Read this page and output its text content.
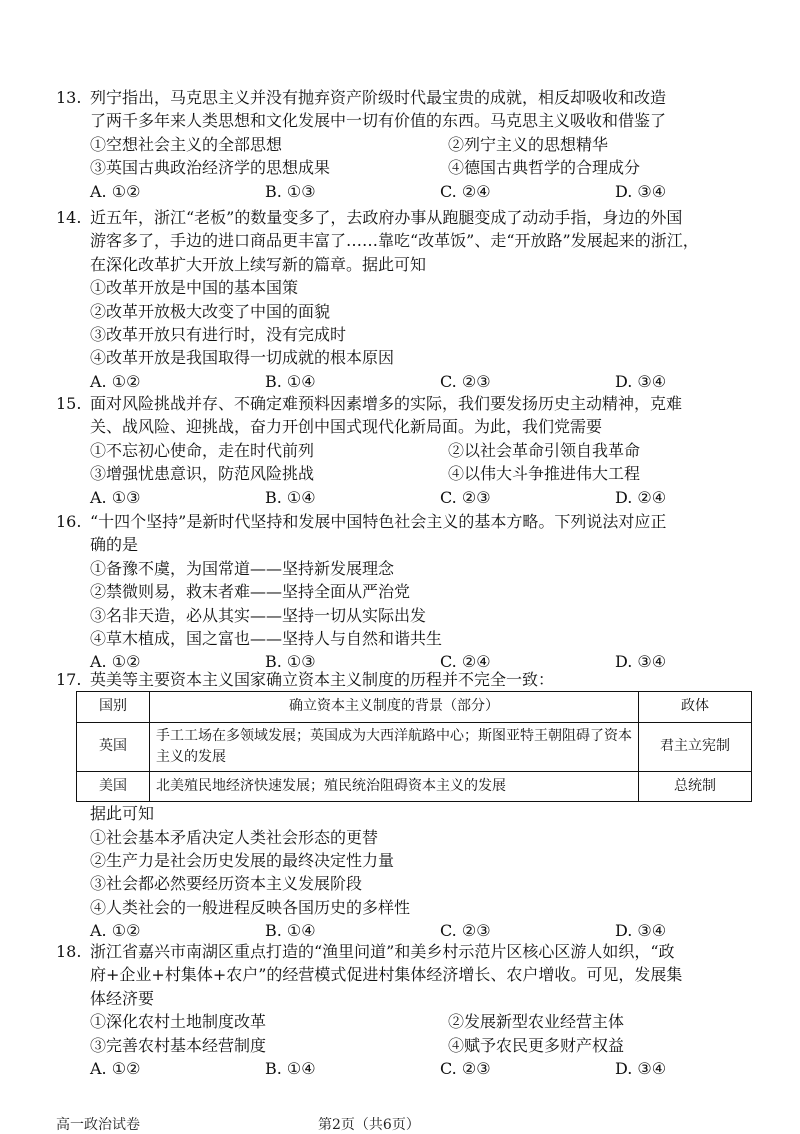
13. 列宁指出，马克思主义并没有抛弃资产阶级时代最宝贵的成就，相反却吸收和改造
了两千多年来人类思想和文化发展中一切有价值的东西。马克思主义吸收和借鉴了
①空想社会主义的全部思想	②列宁主义的思想精华
③英国古典政治经济学的思想成果	④德国古典哲学的合理成分
A. ①②	B. ①③	C. ②④	D. ③④
14. 近五年，浙江“老板”的数量变多了，去政府办事从跑腿变成了动动手指，身边的外国
游客多了，手边的进口商品更丰富了……靠吃“改革饭”、走“开放路”发展起来的浙江，
在深化改革扩大开放上续写新的篇章。据此可知
①改革开放是中国的基本国策
②改革开放极大改变了中国的面貌
③改革开放只有进行时，没有完成时
④改革开放是我国取得一切成就的根本原因
A. ①②	B. ①④	C. ②③	D. ③④
15. 面对风险挑战并存、不确定难预料因素增多的实际，我们要发扬历史主动精神，克难
关、战风险、迎挑战，奋力开创中国式现代化新局面。为此，我们党需要
①不忘初心使命，走在时代前列	②以社会革命引领自我革命
③增强忧患意识，防范风险挑战	④以伟大斗争推进伟大工程
A. ①③	B. ①④	C. ②③	D. ②④
16. “十四个坚持”是新时代坚持和发展中国特色社会主义的基本方略。下列说法对应正
确的是
①备豫不虞，为国常道——坚持新发展理念
②禁微则易，救末者难——坚持全面从严治党
③名非天造，必从其实——坚持一切从实际出发
④草木植成，国之富也——坚持人与自然和谐共生
A. ①②	B. ①③	C. ②④	D. ③④
17. 英美等主要资本主义国家确立资本主义制度的历程并不完全一致：
国别	确立资本主义制度的背景（部分）	政体
英国	手工工场在多领域发展；英国成为大西洋航路中心；斯图亚特王朝阻碍了资本主义的发展	君主立宪制
美国	北美殖民地经济快速发展；殖民统治阻碍资本主义的发展	总统制
据此可知
①社会基本矛盾决定人类社会形态的更替
②生产力是社会历史发展的最终决定性力量
③社会都必然要经历资本主义发展阶段
④人类社会的一般进程反映各国历史的多样性
A. ①②	B. ①④	C. ②③	D. ③④
18. 浙江省嘉兴市南湖区重点打造的“渔里问道”和美乡村示范片区核心区游人如织，“政
府+企业+村集体+农户”的经营模式促进村集体经济增长、农户增收。可见，发展集
体经济要
①深化农村土地制度改革	②发展新型农业经营主体
③完善农村基本经营制度	④赋予农民更多财产权益
A. ①②	B. ①④	C. ②③	D. ③④
高一政治试卷	第2页（共6页）
